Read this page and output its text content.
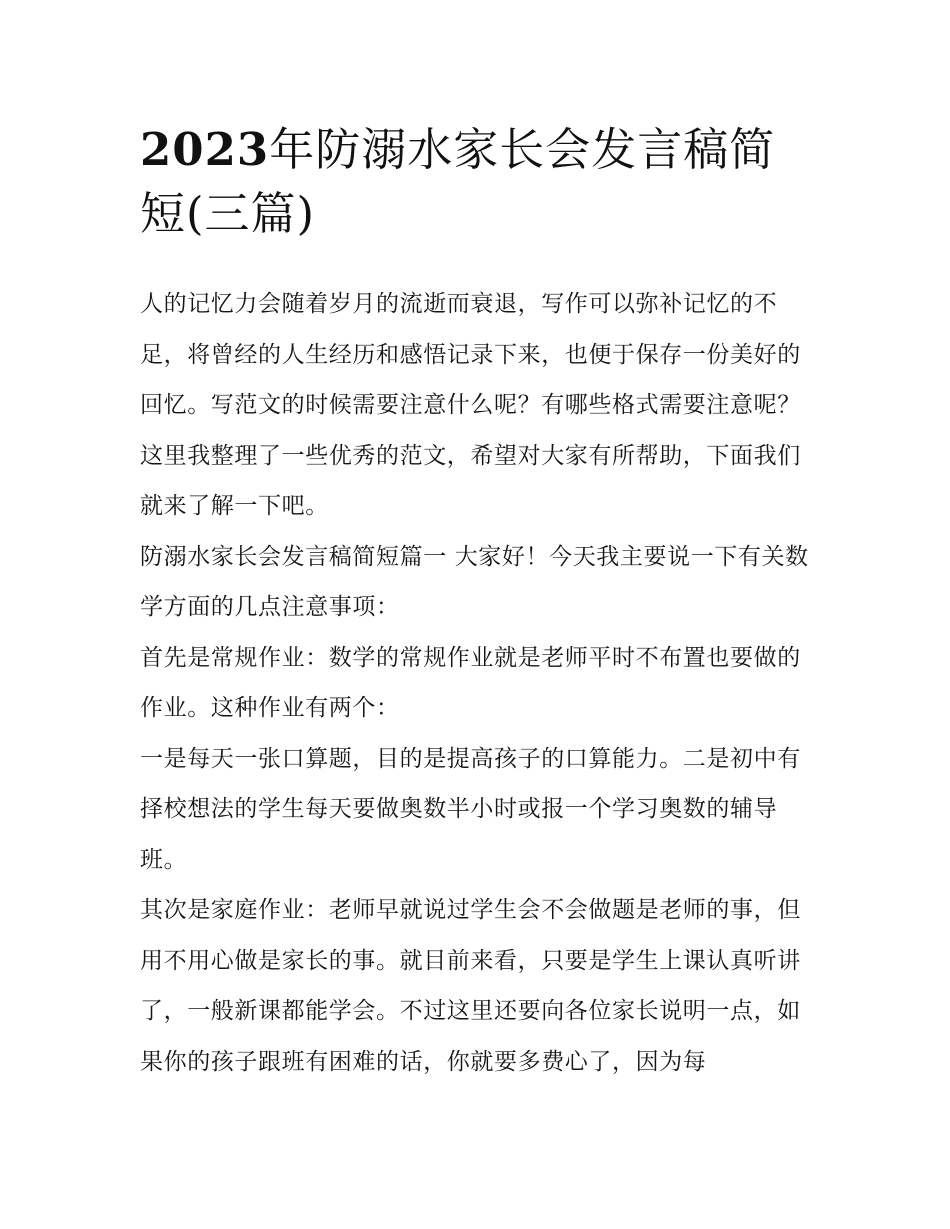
2023年防溺水家长会发言稿简短(三篇)

人的记忆力会随着岁月的流逝而衰退，写作可以弥补记忆的不足，将曾经的人生经历和感悟记录下来，也便于保存一份美好的回忆。写范文的时候需要注意什么呢？有哪些格式需要注意呢？这里我整理了一些优秀的范文，希望对大家有所帮助，下面我们就来了解一下吧。

防溺水家长会发言稿简短篇一 大家好！今天我主要说一下有关数学方面的几点注意事项：

首先是常规作业：数学的常规作业就是老师平时不布置也要做的作业。这种作业有两个：

一是每天一张口算题，目的是提高孩子的口算能力。二是初中有择校想法的学生每天要做奥数半小时或报一个学习奥数的辅导班。

其次是家庭作业：老师早就说过学生会不会做题是老师的事，但用不用心做是家长的事。就目前来看，只要是学生上课认真听讲了，一般新课都能学会。不过这里还要向各位家长说明一点，如果你的孩子跟班有困难的话，你就要多费心了，因为每
